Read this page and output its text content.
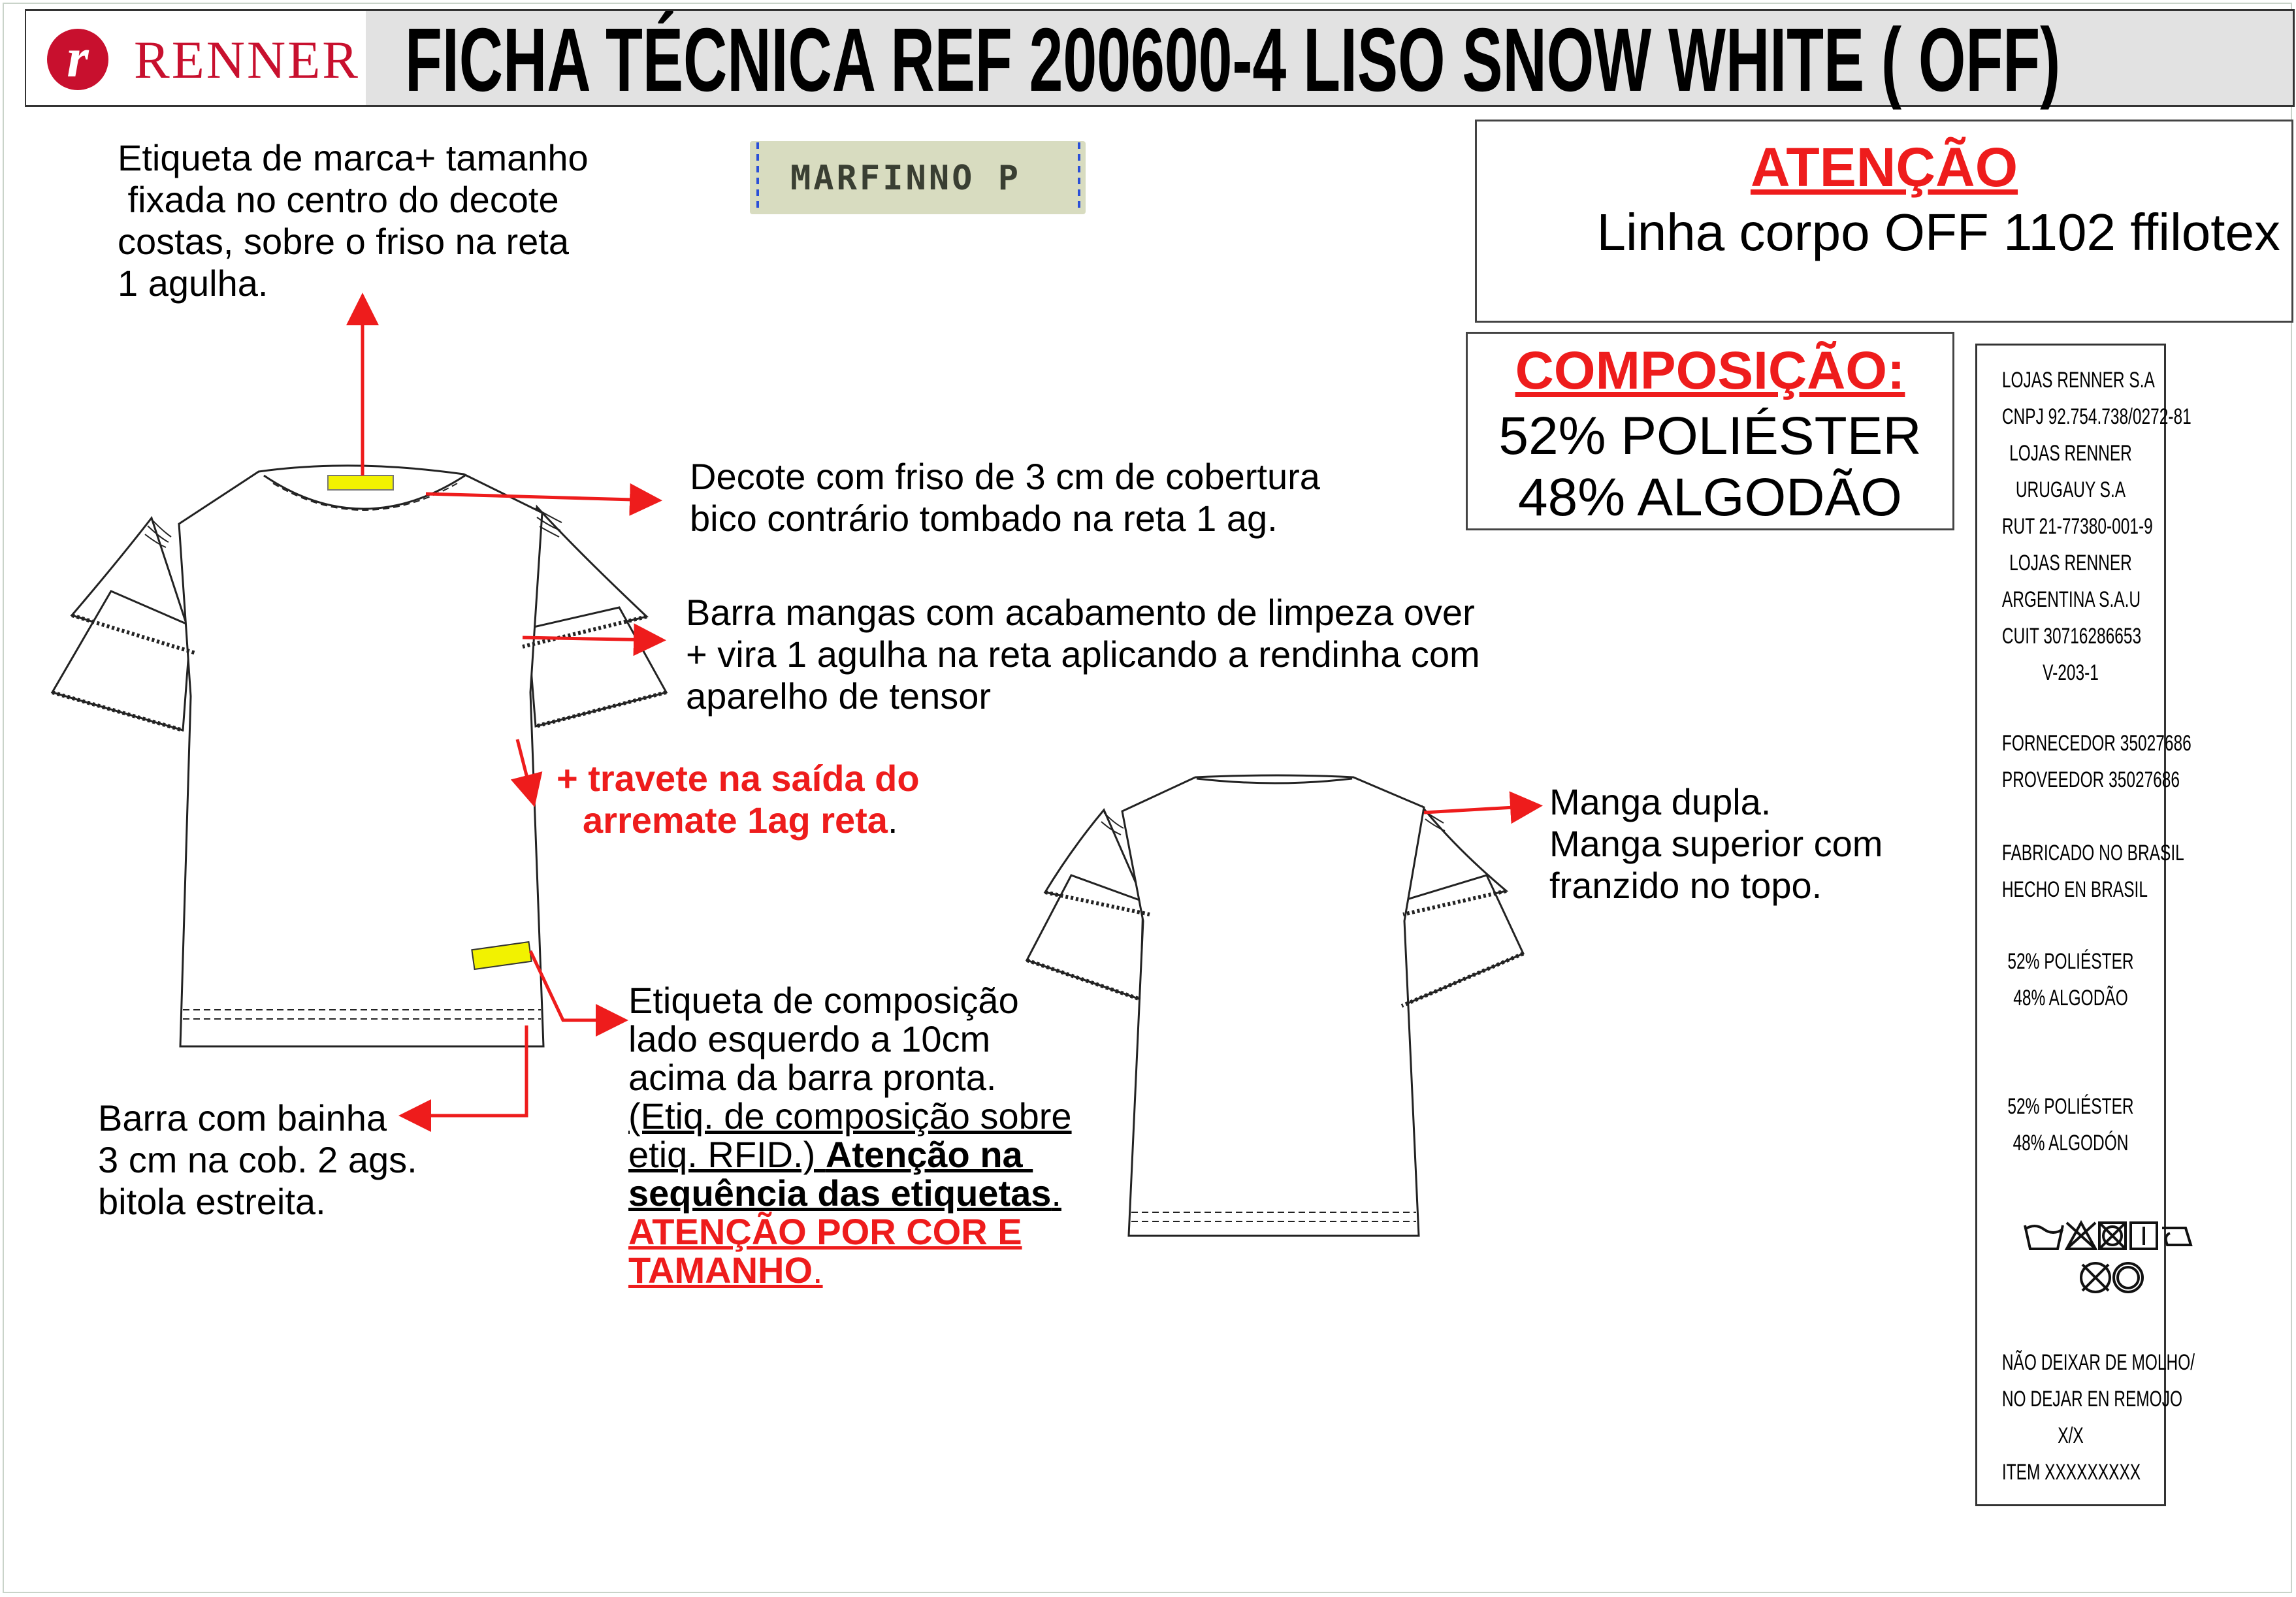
r RENNER FICHA TÉCNICA REF 200600-4 LISO SNOW WHITE ( OFF)
MARFINNO P
Etiqueta de marca+ tamanho
fixada no centro do decote
costas, sobre o friso na reta
1 agulha.
Decote com friso de 3 cm de cobertura
bico contrário tombado na reta 1 ag.
Barra mangas com acabamento de limpeza over
+ vira 1 agulha na reta aplicando a rendinha com
aparelho de tensor
+ travete na saída do
arremate 1ag reta.	Manga dupla.
Manga superior com
franzido no topo.
Etiqueta de composição
lado esquerdo a 10cm
acima da barra pronta.
(Etiq. de composição sobre
etiq. RFID.) Atenção na
sequência das etiquetas.
ATENÇÃO POR COR E
TAMANHO.
Barra com bainha
3 cm na cob. 2 ags.
bitola estreita.
ATENÇÃO
Linha corpo OFF 1102 ffilotex
COMPOSIÇÃO:
52% POLIÉSTER
48% ALGODÃO
LOJAS RENNER S.A
CNPJ 92.754.738/0272-81
LOJAS RENNER
URUGAUY S.A
RUT 21-77380-001-9
LOJAS RENNER
ARGENTINA S.A.U
CUIT 30716286653
V-203-1
FORNECEDOR 35027686
PROVEEDOR 35027686
FABRICADO NO BRASIL
HECHO EN BRASIL
52% POLIÉSTER
48% ALGODÃO
52% POLIÉSTER
48% ALGODÓN
NÃO DEIXAR DE MOLHO/
NO DEJAR EN REMOJO
X/X
ITEM XXXXXXXXX
